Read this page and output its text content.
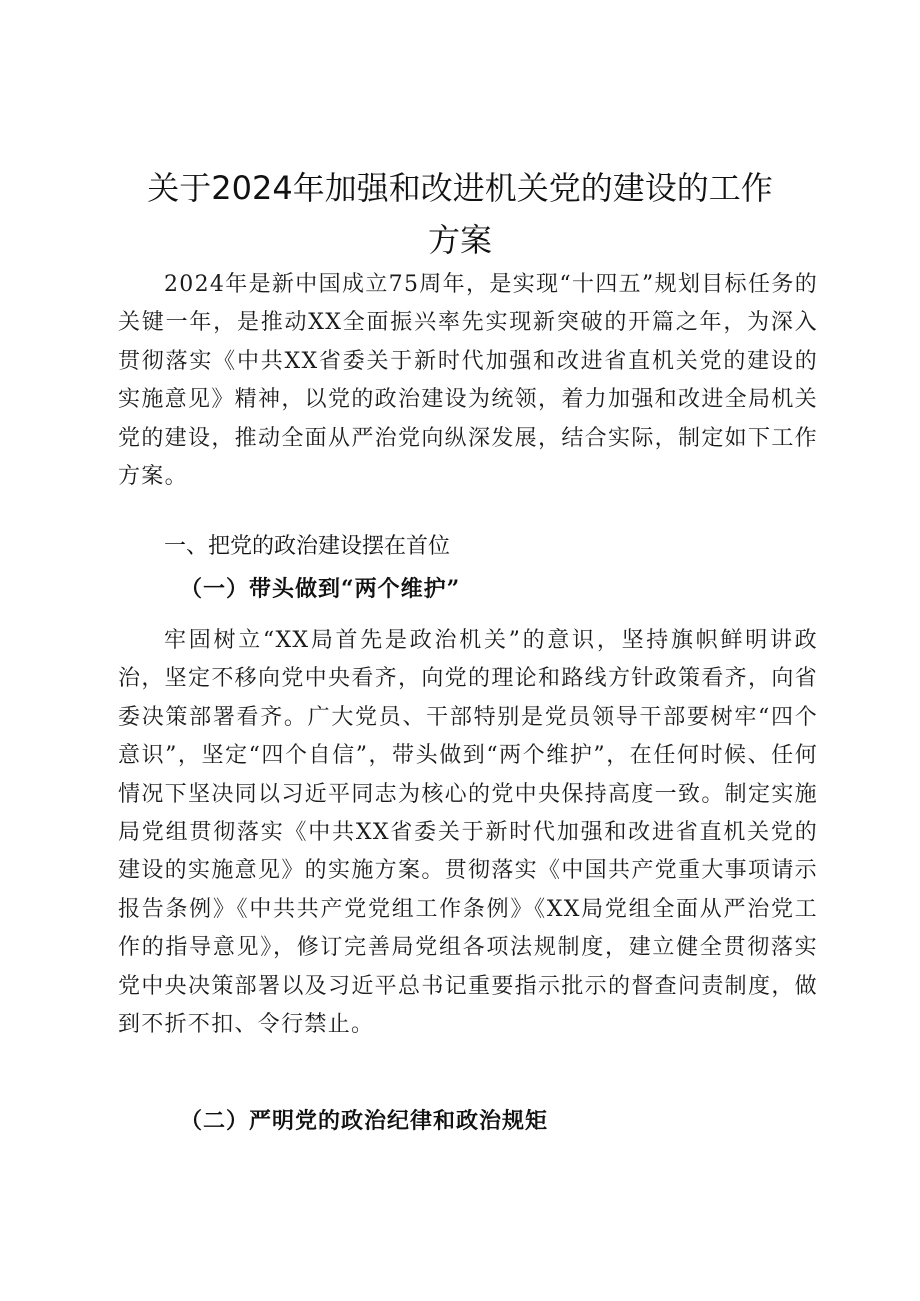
关于2024年加强和改进机关党的建设的工作
方案

2024年是新中国成立75周年，是实现“十四五”规划目标任务的关键一年，是推动XX全面振兴率先实现新突破的开篇之年，为深入贯彻落实《中共XX省委关于新时代加强和改进省直机关党的建设的实施意见》精神，以党的政治建设为统领，着力加强和改进全局机关党的建设，推动全面从严治党向纵深发展，结合实际，制定如下工作方案。

一、把党的政治建设摆在首位
（一）带头做到“两个维护”

牢固树立“XX局首先是政治机关”的意识，坚持旗帜鲜明讲政治，坚定不移向党中央看齐，向党的理论和路线方针政策看齐，向省委决策部署看齐。广大党员、干部特别是党员领导干部要树牢“四个意识”，坚定“四个自信”，带头做到“两个维护”，在任何时候、任何情况下坚决同以习近平同志为核心的党中央保持高度一致。制定实施局党组贯彻落实《中共XX省委关于新时代加强和改进省直机关党的建设的实施意见》的实施方案。贯彻落实《中国共产党重大事项请示报告条例》《中共共产党党组工作条例》《XX局党组全面从严治党工作的指导意见》，修订完善局党组各项法规制度，建立健全贯彻落实党中央决策部署以及习近平总书记重要指示批示的督查问责制度，做到不折不扣、令行禁止。

（二）严明党的政治纪律和政治规矩
